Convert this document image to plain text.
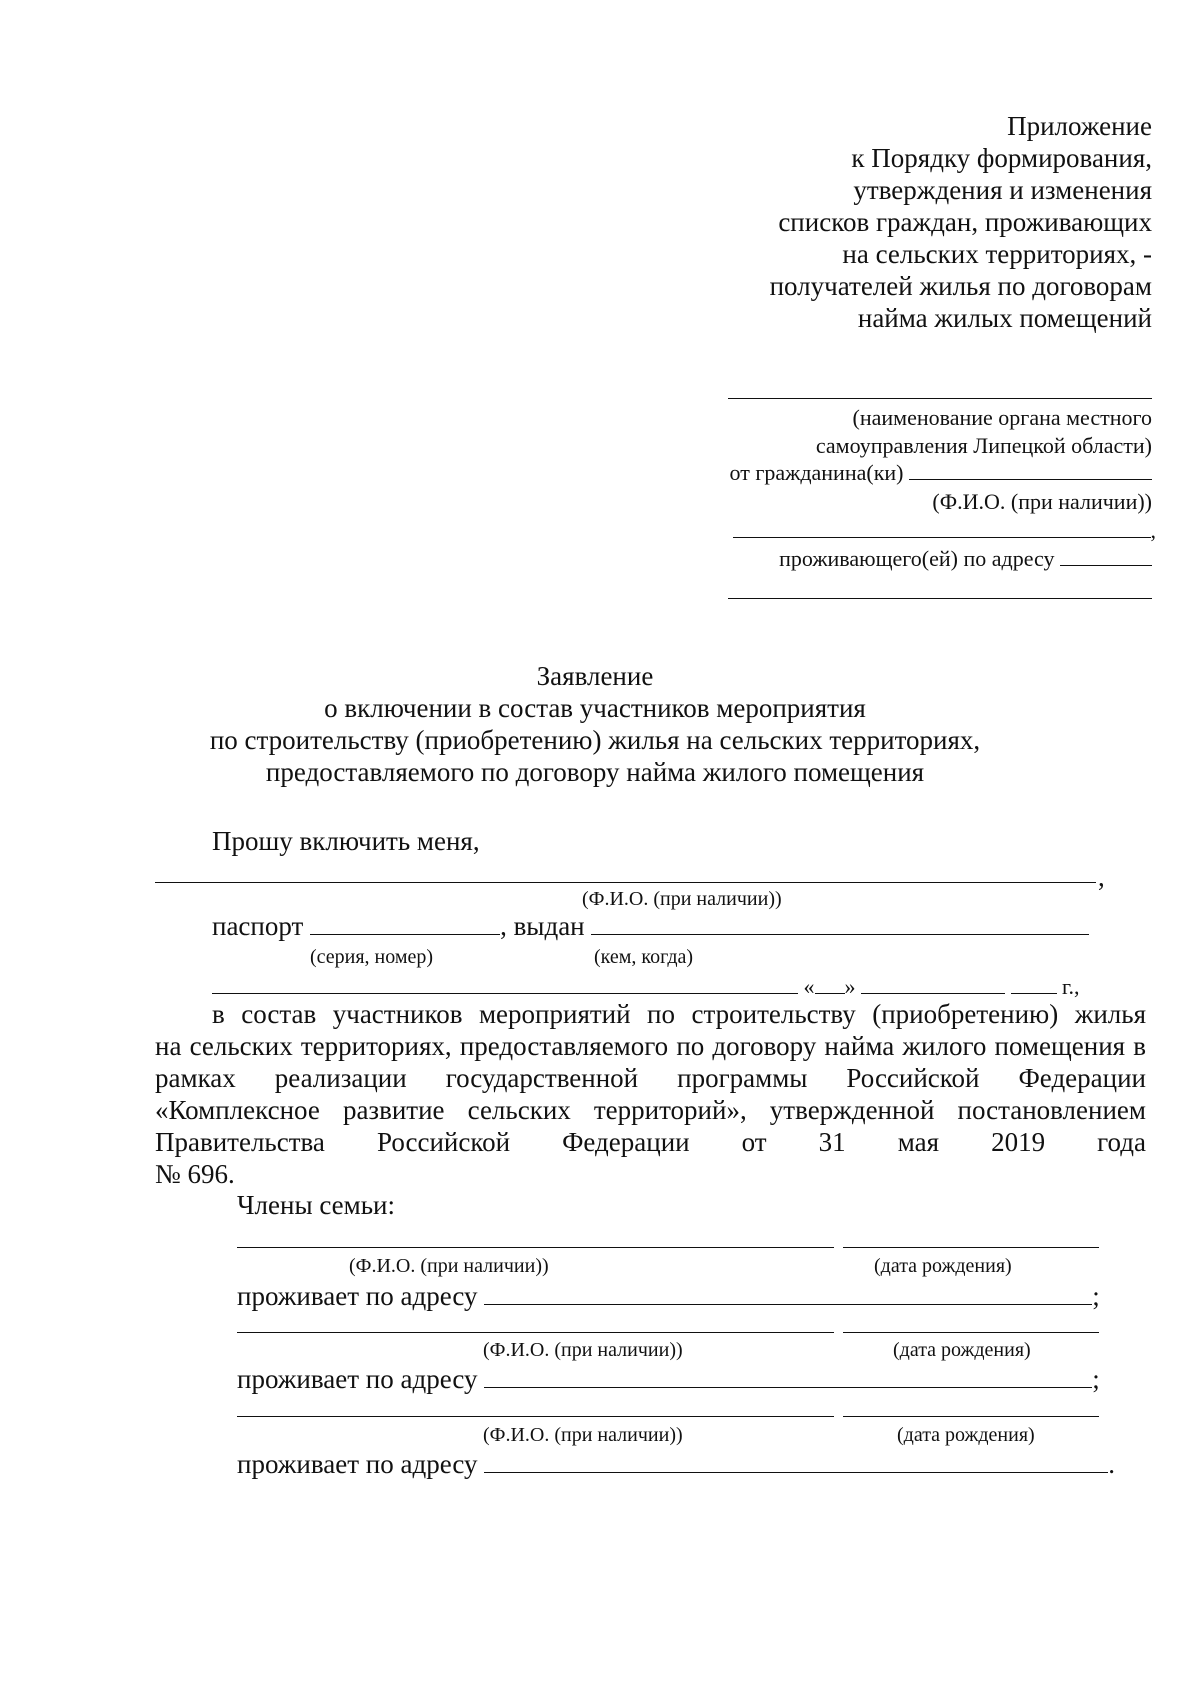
Приложение
к Порядку формирования,
утверждения и изменения
списков граждан, проживающих
на сельских территориях, -
получателей жилья по договорам
найма жилых помещений
(наименование органа местного
самоуправления Липецкой области)
от гражданина(ки)
(Ф.И.О. (при наличии))
,
проживающего(ей) по адресу
Заявление
о включении в состав участников мероприятия
по строительству (приобретению) жилья на сельских территориях,
предоставляемого по договору найма жилого помещения
Прошу включить меня,
,
(Ф.И.О. (при наличии))
паспорт	, выдан
(серия, номер)	(кем, когда)
« »	г.,
в состав участников мероприятий по строительству (приобретению) жилья
на сельских территориях, предоставляемого по договору найма жилого помещения в рамках реализации государственной программы Российской Федерации «Комплексное развитие сельских территорий», утвержденной постановлением Правительства Российской Федерации от 31 мая 2019 года
№ 696.
Члены семьи:
(Ф.И.О. (при наличии))	(дата рождения)
проживает по адресу	;
(Ф.И.О. (при наличии))	(дата рождения)
проживает по адресу	;
(Ф.И.О. (при наличии))	(дата рождения)
проживает по адресу	.
